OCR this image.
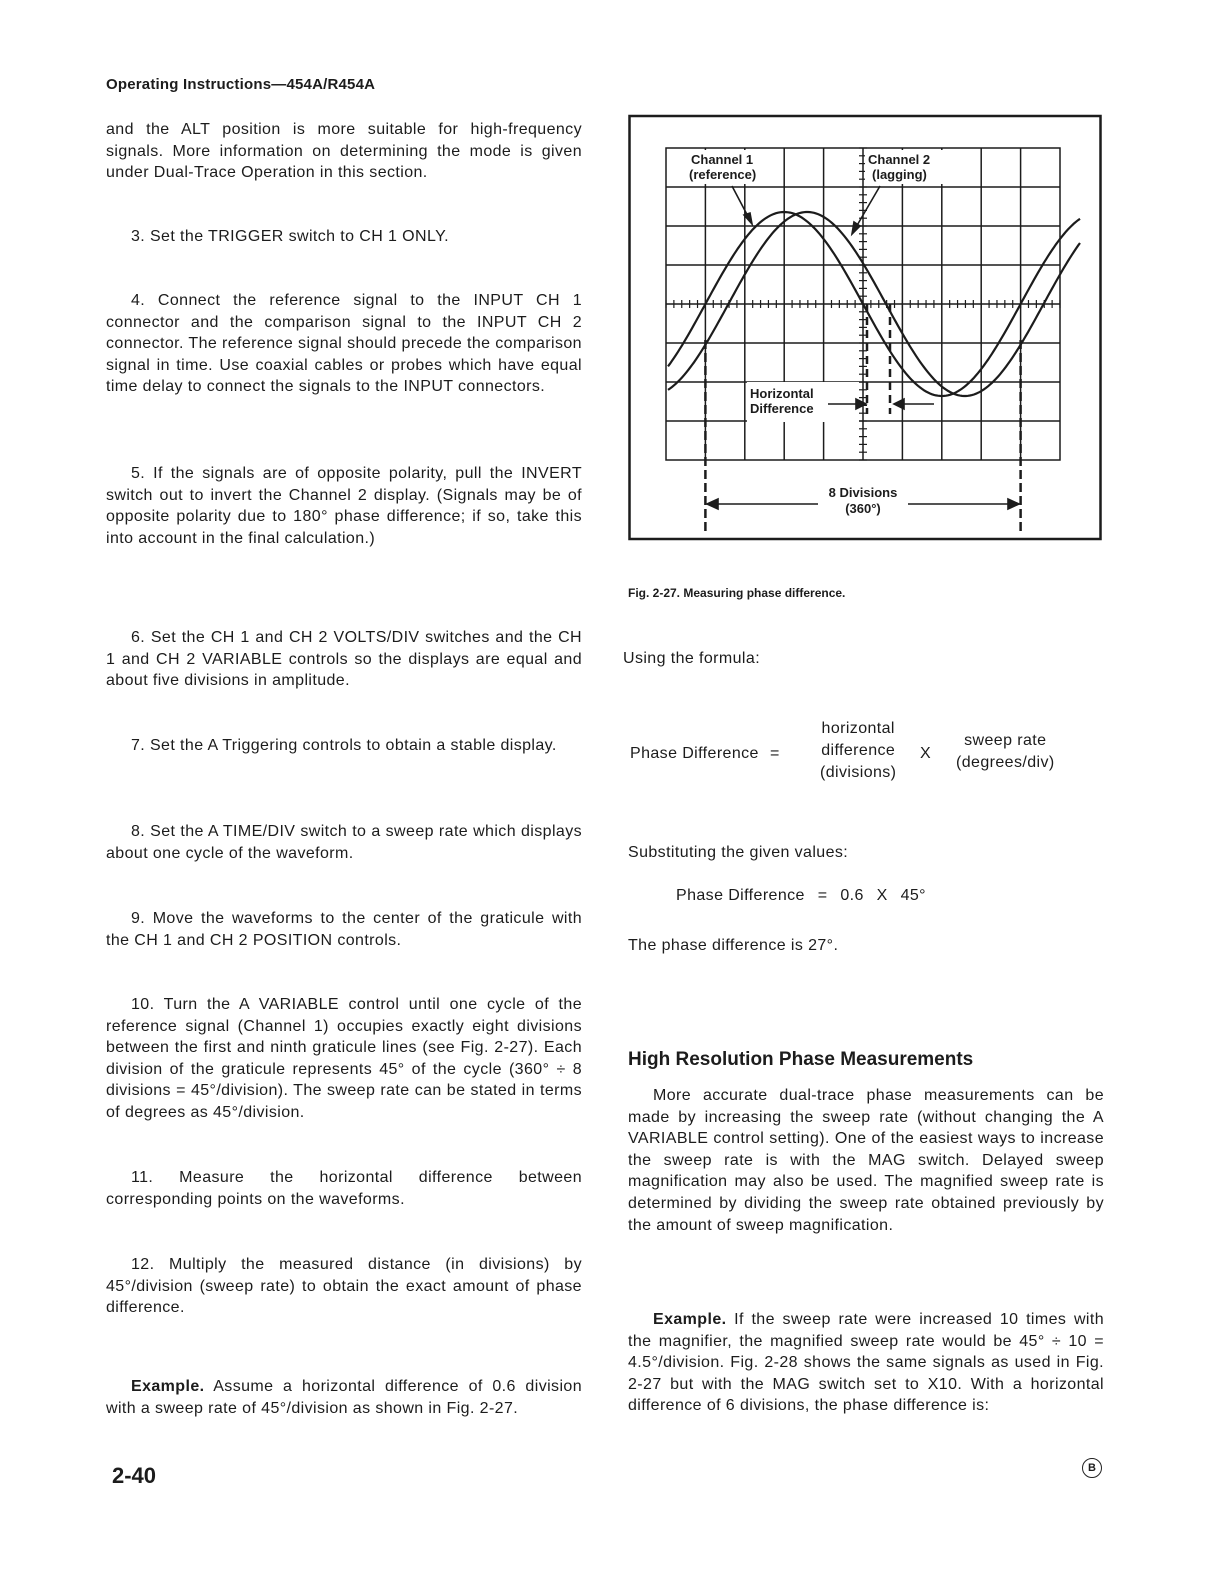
Operating Instructions—454A/R454A
and the ALT position is more suitable for high-frequency signals. More information on determining the mode is given under Dual-Trace Operation in this section.
3. Set the TRIGGER switch to CH 1 ONLY.
4. Connect the reference signal to the INPUT CH 1 connector and the comparison signal to the INPUT CH 2 connector. The reference signal should precede the comparison signal in time. Use coaxial cables or probes which have equal time delay to connect the signals to the INPUT connectors.
5. If the signals are of opposite polarity, pull the INVERT switch out to invert the Channel 2 display. (Signals may be of opposite polarity due to 180° phase difference; if so, take this into account in the final calculation.)
6. Set the CH 1 and CH 2 VOLTS/DIV switches and the CH 1 and CH 2 VARIABLE controls so the displays are equal and about five divisions in amplitude.
7. Set the A Triggering controls to obtain a stable display.
8. Set the A TIME/DIV switch to a sweep rate which displays about one cycle of the waveform.
9. Move the waveforms to the center of the graticule with the CH 1 and CH 2 POSITION controls.
10. Turn the A VARIABLE control until one cycle of the reference signal (Channel 1) occupies exactly eight divisions between the first and ninth graticule lines (see Fig. 2-27). Each division of the graticule represents 45° of the cycle (360° ÷ 8 divisions = 45°/division). The sweep rate can be stated in terms of degrees as 45°/division.
11. Measure the horizontal difference between corresponding points on the waveforms.
12. Multiply the measured distance (in divisions) by 45°/division (sweep rate) to obtain the exact amount of phase difference.
Example. Assume a horizontal difference of 0.6 division with a sweep rate of 45°/division as shown in Fig. 2-27.
Channel 1
(reference)
Channel 2
(lagging)
Horizontal
Difference
8 Divisions
(360°)
Fig. 2-27. Measuring phase difference.
Using the formula:
Phase Difference =
horizontal
difference
(divisions)
X
sweep rate
(degrees/div)
Substituting the given values:
Phase Difference = 0.6 X 45°
The phase difference is 27°.
High Resolution Phase Measurements
More accurate dual-trace phase measurements can be made by increasing the sweep rate (without changing the A VARIABLE control setting). One of the easiest ways to increase the sweep rate is with the MAG switch. Delayed sweep magnification may also be used. The magnified sweep rate is determined by dividing the sweep rate obtained previously by the amount of sweep magnification.
Example. If the sweep rate were increased 10 times with the magnifier, the magnified sweep rate would be 45° ÷ 10 = 4.5°/division. Fig. 2-28 shows the same signals as used in Fig. 2-27 but with the MAG switch set to X10. With a horizontal difference of 6 divisions, the phase difference is:
2-40	B
